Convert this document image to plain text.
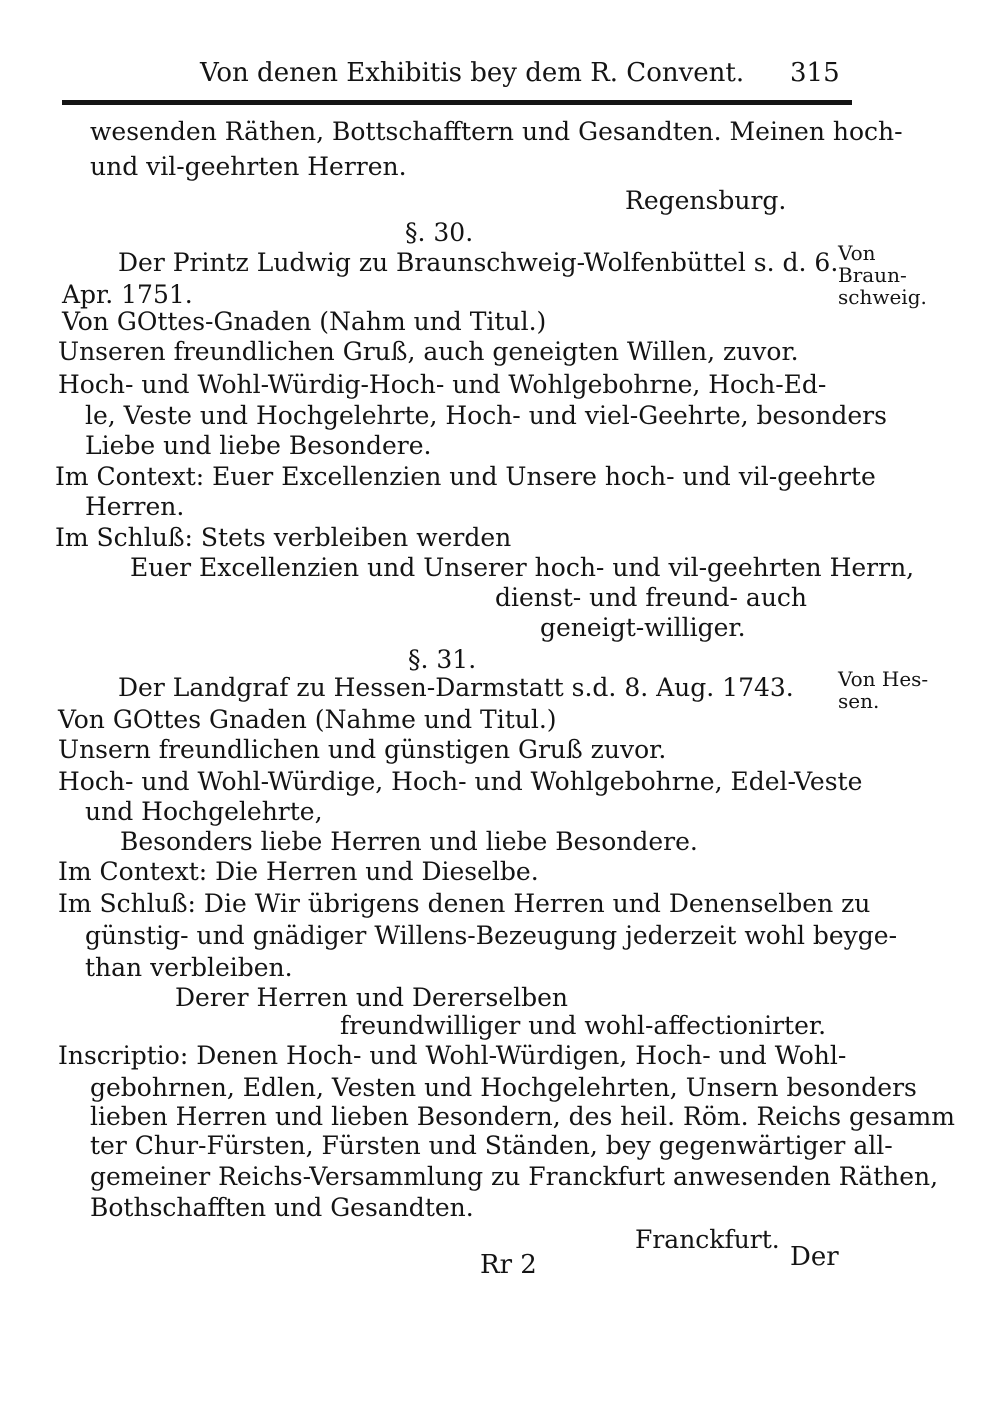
Von denen Exhibitis bey dem R. Convent. 315
wesenden Räthen, Bottschafftern und Gesandten. Meinen hoch-
und vil-geehrten Herren.
Regensburg.
§. 30.
Der Printz Ludwig zu Braunschweig-Wolfenbüttel s. d. 6.
Apr. 1751.
Von GOttes-Gnaden (Nahm und Titul.)
Unseren freundlichen Gruß, auch geneigten Willen, zuvor.
Hoch- und Wohl-Würdig-Hoch- und Wohlgebohrne, Hoch-Ed-
le, Veste und Hochgelehrte, Hoch- und viel-Geehrte, besonders
Liebe und liebe Besondere.
Im Context: Euer Excellenzien und Unsere hoch- und vil-geehrte
Herren.
Im Schluß: Stets verbleiben werden
Euer Excellenzien und Unserer hoch- und vil-geehrten Herrn,
dienst- und freund- auch
geneigt-williger.
§. 31.
Der Landgraf zu Hessen-Darmstatt s.d. 8. Aug. 1743.
Von GOttes Gnaden (Nahme und Titul.)
Unsern freundlichen und günstigen Gruß zuvor.
Hoch- und Wohl-Würdige, Hoch- und Wohlgebohrne, Edel-Veste
und Hochgelehrte,
Besonders liebe Herren und liebe Besondere.
Im Context: Die Herren und Dieselbe.
Im Schluß: Die Wir übrigens denen Herren und Denenselben zu
günstig- und gnädiger Willens-Bezeugung jederzeit wohl beyge-
than verbleiben.
Derer Herren und Dererselben
freundwilliger und wohl-affectionirter.
Inscriptio: Denen Hoch- und Wohl-Würdigen, Hoch- und Wohl-
gebohrnen, Edlen, Vesten und Hochgelehrten, Unsern besonders
lieben Herren und lieben Besondern, des heil. Röm. Reichs gesamm
ter Chur-Fürsten, Fürsten und Ständen, bey gegenwärtiger all-
gemeiner Reichs-Versammlung zu Franckfurt anwesenden Räthen,
Bothschafften und Gesandten.
Franckfurt.
Von
Braun-
schweig.
Von Hes-
sen.
Rr 2	Der
